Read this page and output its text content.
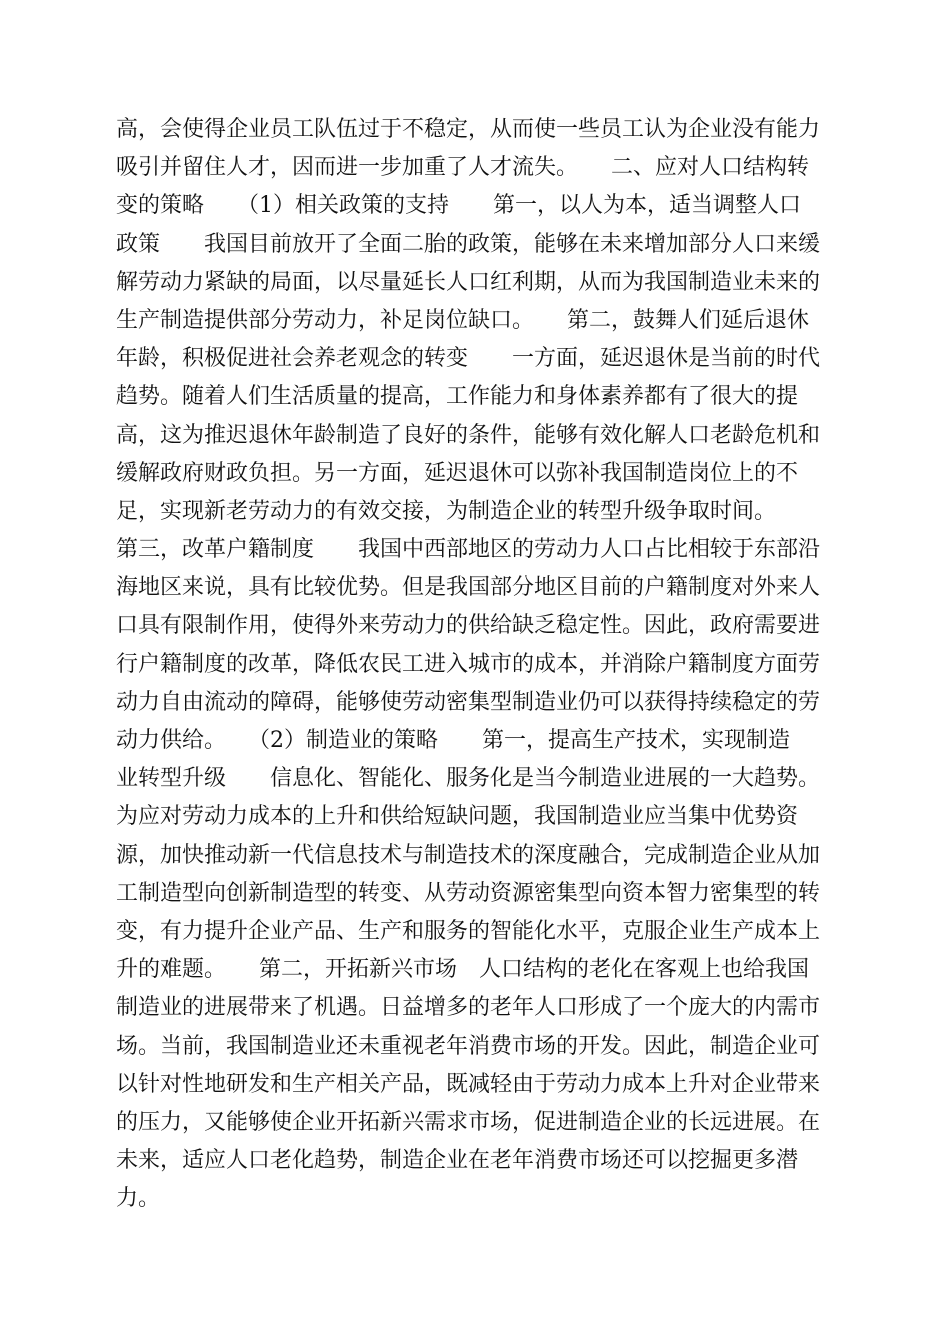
高，会使得企业员工队伍过于不稳定，从而使一些员工认为企业没有能力
吸引并留住人才，因而进一步加重了人才流失。　　二、应对人口结构转
变的策略　　（1）相关政策的支持　　第一，以人为本，适当调整人口
政策　　我国目前放开了全面二胎的政策，能够在未来增加部分人口来缓
解劳动力紧缺的局面，以尽量延长人口红利期，从而为我国制造业未来的
生产制造提供部分劳动力，补足岗位缺口。　　第二，鼓舞人们延后退休
年龄，积极促进社会养老观念的转变　　一方面，延迟退休是当前的时代
趋势。随着人们生活质量的提高，工作能力和身体素养都有了很大的提
高，这为推迟退休年龄制造了良好的条件，能够有效化解人口老龄危机和
缓解政府财政负担。另一方面，延迟退休可以弥补我国制造岗位上的不
足，实现新老劳动力的有效交接，为制造企业的转型升级争取时间。
第三，改革户籍制度　　我国中西部地区的劳动力人口占比相较于东部沿
海地区来说，具有比较优势。但是我国部分地区目前的户籍制度对外来人
口具有限制作用，使得外来劳动力的供给缺乏稳定性。因此，政府需要进
行户籍制度的改革，降低农民工进入城市的成本，并消除户籍制度方面劳
动力自由流动的障碍，能够使劳动密集型制造业仍可以获得持续稳定的劳
动力供给。　　（2）制造业的策略　　第一，提高生产技术，实现制造
业转型升级　　信息化、智能化、服务化是当今制造业进展的一大趋势。
为应对劳动力成本的上升和供给短缺问题，我国制造业应当集中优势资
源，加快推动新一代信息技术与制造技术的深度融合，完成制造企业从加
工制造型向创新制造型的转变、从劳动资源密集型向资本智力密集型的转
变，有力提升企业产品、生产和服务的智能化水平，克服企业生产成本上
升的难题。　　第二，开拓新兴市场　人口结构的老化在客观上也给我国
制造业的进展带来了机遇。日益增多的老年人口形成了一个庞大的内需市
场。当前，我国制造业还未重视老年消费市场的开发。因此，制造企业可
以针对性地研发和生产相关产品，既减轻由于劳动力成本上升对企业带来
的压力，又能够使企业开拓新兴需求市场，促进制造企业的长远进展。在
未来，适应人口老化趋势，制造企业在老年消费市场还可以挖掘更多潜
力。
